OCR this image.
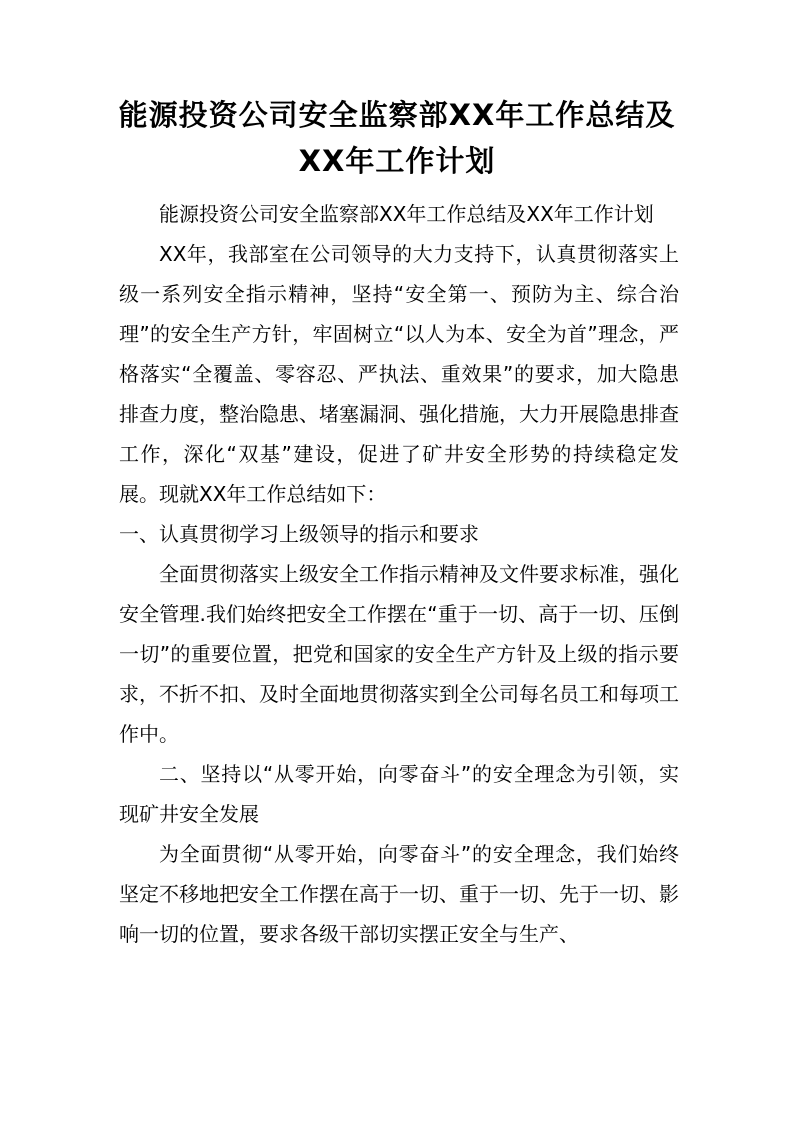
能源投资公司安全监察部XX年工作总结及
XX年工作计划

能源投资公司安全监察部XX年工作总结及XX年工作计划

XX年，我部室在公司领导的大力支持下，认真贯彻落实上级一系列安全指示精神，坚持“安全第一、预防为主、综合治理”的安全生产方针，牢固树立“以人为本、安全为首”理念，严格落实“全覆盖、零容忍、严执法、重效果”的要求，加大隐患排查力度，整治隐患、堵塞漏洞、强化措施，大力开展隐患排查工作，深化“双基”建设，促进了矿井安全形势的持续稳定发展。现就XX年工作总结如下：

一、认真贯彻学习上级领导的指示和要求

全面贯彻落实上级安全工作指示精神及文件要求标准，强化安全管理.我们始终把安全工作摆在“重于一切、高于一切、压倒一切”的重要位置，把党和国家的安全生产方针及上级的指示要求，不折不扣、及时全面地贯彻落实到全公司每名员工和每项工作中。

二、坚持以“从零开始，向零奋斗”的安全理念为引领，实现矿井安全发展

为全面贯彻“从零开始，向零奋斗”的安全理念，我们始终坚定不移地把安全工作摆在高于一切、重于一切、先于一切、影响一切的位置，要求各级干部切实摆正安全与生产、
